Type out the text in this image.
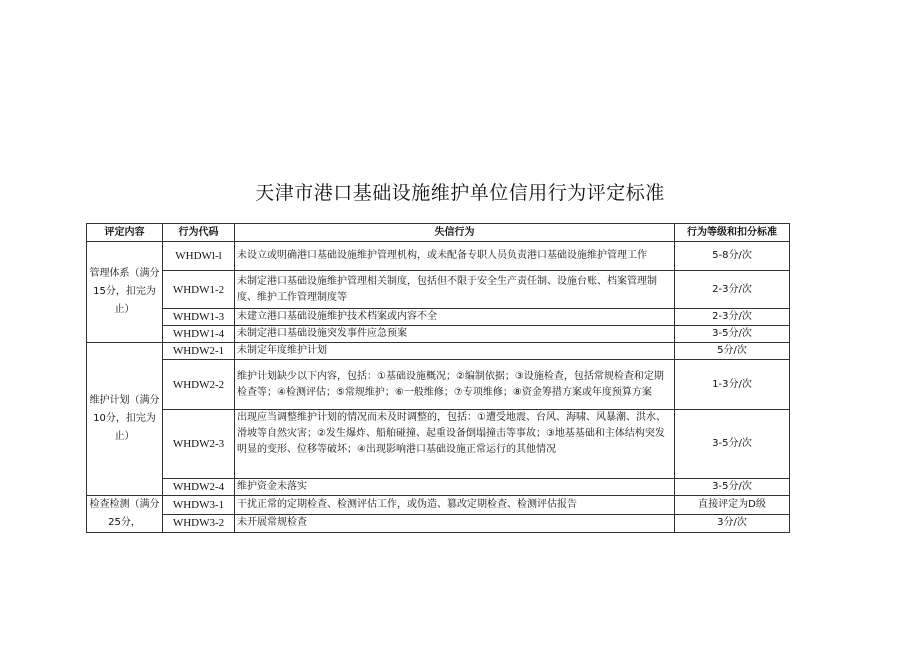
天津市港口基础设施维护单位信用行为评定标准
评定内容	行为代码	失信行为	行为等级和扣分标准
管理体系（满分15分，扣完为止）	WHDWl-l	未设立或明确港口基础设施维护管理机构，或未配备专职人员负责港口基础设施维护管理工作	5-8分/次
	WHDW1-2	未制定港口基础设施维护管理相关制度，包括但不限于安全生产责任制、设施台账、档案管理制度、维护工作管理制度等	2-3分/次
	WHDW1-3	未建立港口基础设施维护技术档案或内容不全	2-3分/次
	WHDW1-4	未制定港口基础设施突发事件应急预案	3-5分/次
维护计划（满分10分，扣完为止）	WHDW2-1	未制定年度维护计划	5分/次
	WHDW2-2	维护计划缺少以下内容，包括：①基础设施概况；②编制依据；③设施检查，包括常规检查和定期检查等；④检测评估；⑤常规维护；⑥一般维修；⑦专项维修；⑧资金筹措方案或年度预算方案	1-3分/次
	WHDW2-3	出现应当调整维护计划的情况而未及时调整的，包括：①遭受地震、台风、海啸、风暴潮、洪水、滑坡等自然灾害；②发生爆炸、船舶碰撞、起重设备倒塌撞击等事故；③地基基础和主体结构突发明显的变形、位移等破坏；④出现影响港口基础设施正常运行的其他情况	3-5分/次
	WHDW2-4	维护资金未落实	3-5分/次
检查检测（满分25分，	WHDW3-1	干扰正常的定期检查、检测评估工作，或伪造、篡改定期检查、检测评估报告	直接评定为D级
	WHDW3-2	未开展常规检查	3分/次
